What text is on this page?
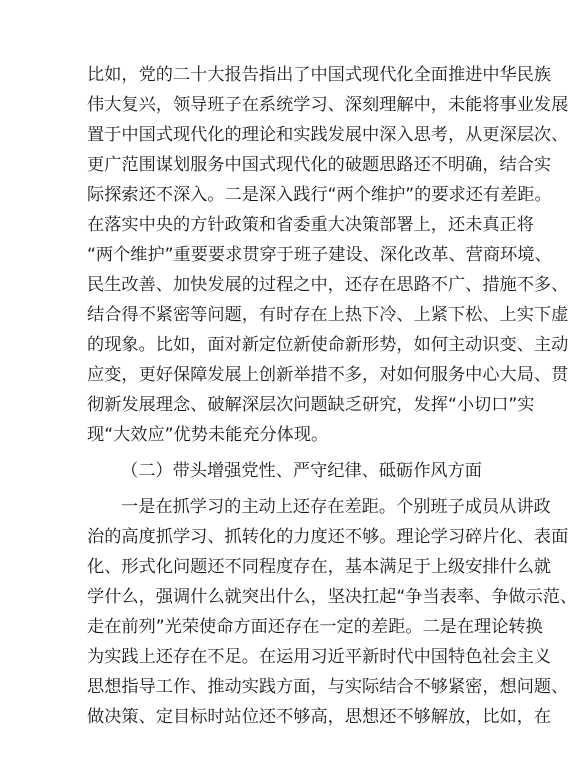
比如，党的二十大报告指出了中国式现代化全面推进中华民族
伟大复兴，领导班子在系统学习、深刻理解中，未能将事业发展
置于中国式现代化的理论和实践发展中深入思考，从更深层次、
更广范围谋划服务中国式现代化的破题思路还不明确，结合实
际探索还不深入。二是深入践行“两个维护”的要求还有差距。
在落实中央的方针政策和省委重大决策部署上，还未真正将
“两个维护”重要要求贯穿于班子建设、深化改革、营商环境、
民生改善、加快发展的过程之中，还存在思路不广、措施不多、
结合得不紧密等问题，有时存在上热下冷、上紧下松、上实下虚
的现象。比如，面对新定位新使命新形势，如何主动识变、主动
应变，更好保障发展上创新举措不多，对如何服务中心大局、贯
彻新发展理念、破解深层次问题缺乏研究，发挥“小切口”实
现“大效应”优势未能充分体现。
（二）带头增强党性、严守纪律、砥砺作风方面
一是在抓学习的主动上还存在差距。个别班子成员从讲政
治的高度抓学习、抓转化的力度还不够。理论学习碎片化、表面
化、形式化问题还不同程度存在，基本满足于上级安排什么就
学什么，强调什么就突出什么，坚决扛起“争当表率、争做示范、
走在前列”光荣使命方面还存在一定的差距。二是在理论转换
为实践上还存在不足。在运用习近平新时代中国特色社会主义
思想指导工作、推动实践方面，与实际结合不够紧密，想问题、
做决策、定目标时站位还不够高，思想还不够解放，比如，在
